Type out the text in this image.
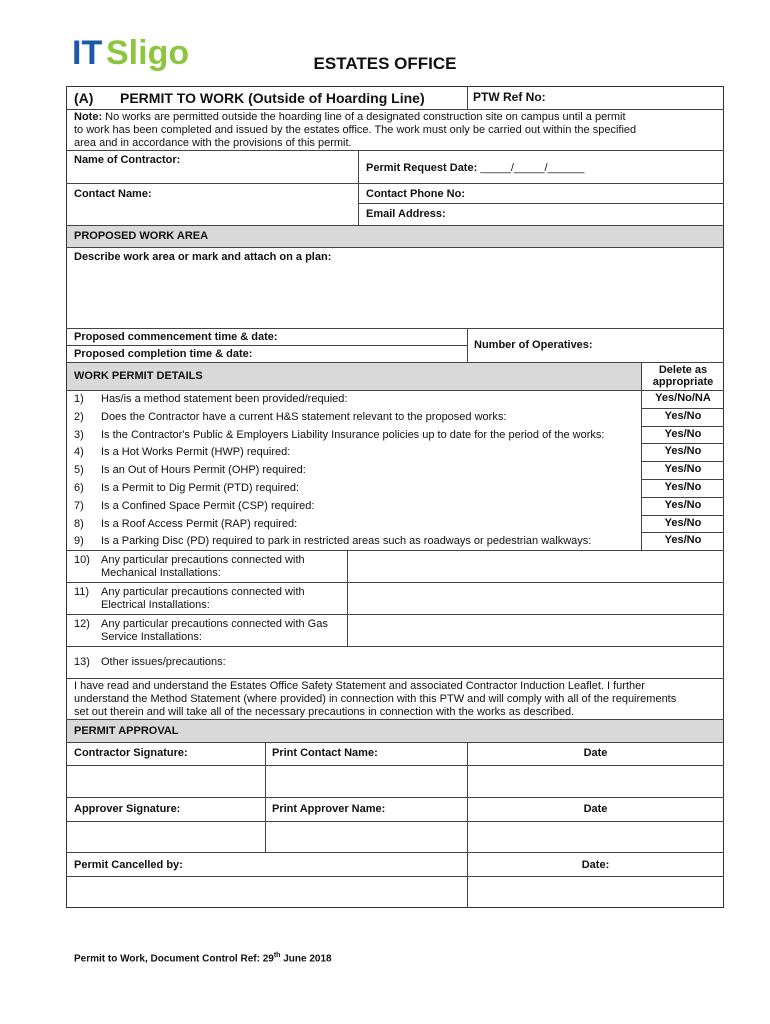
IT Sligo	ESTATES OFFICE
(A) PERMIT TO WORK (Outside of Hoarding Line)	PTW Ref No:
Note: No works are permitted outside the hoarding line of a designated construction site on campus until a permit
to work has been completed and issued by the estates office. The work must only be carried out within the specified
area and in accordance with the provisions of this permit.
Name of Contractor:
Permit Request Date: _____/_____/______
Contact Name:	Contact Phone No:
Email Address:
PROPOSED WORK AREA
Describe work area or mark and attach on a plan:
Proposed commencement time & date:
Proposed completion time & date:
Number of Operatives:
WORK PERMIT DETAILS	Delete as
appropriate
1) Has/is a method statement been provided/requied:	Yes/No/NA
2) Does the Contractor have a current H&S statement relevant to the proposed works:	Yes/No
3) Is the Contractor's Public & Employers Liability Insurance policies up to date for the period of the works:	Yes/No
4) Is a Hot Works Permit (HWP) required:	Yes/No
5) Is an Out of Hours Permit (OHP) required:	Yes/No
6) Is a Permit to Dig Permit (PTD) required:	Yes/No
7) Is a Confined Space Permit (CSP) required:	Yes/No
8) Is a Roof Access Permit (RAP) required:	Yes/No
9) Is a Parking Disc (PD) required to park in restricted areas such as roadways or pedestrian walkways:	Yes/No
10) Any particular precautions connected with
Mechanical Installations:
11) Any particular precautions connected with
Electrical Installations:
12) Any particular precautions connected with Gas
Service Installations:
13) Other issues/precautions:
I have read and understand the Estates Office Safety Statement and associated Contractor Induction Leaflet. I further
understand the Method Statement (where provided) in connection with this PTW and will comply with all of the requirements
set out therein and will take all of the necessary precautions in connection with the works as described.
PERMIT APPROVAL
Contractor Signature:	Print Contact Name:	Date
Approver Signature:	Print Approver Name:	Date
Permit Cancelled by:	Date:
Permit to Work, Document Control Ref: 29th June 2018
